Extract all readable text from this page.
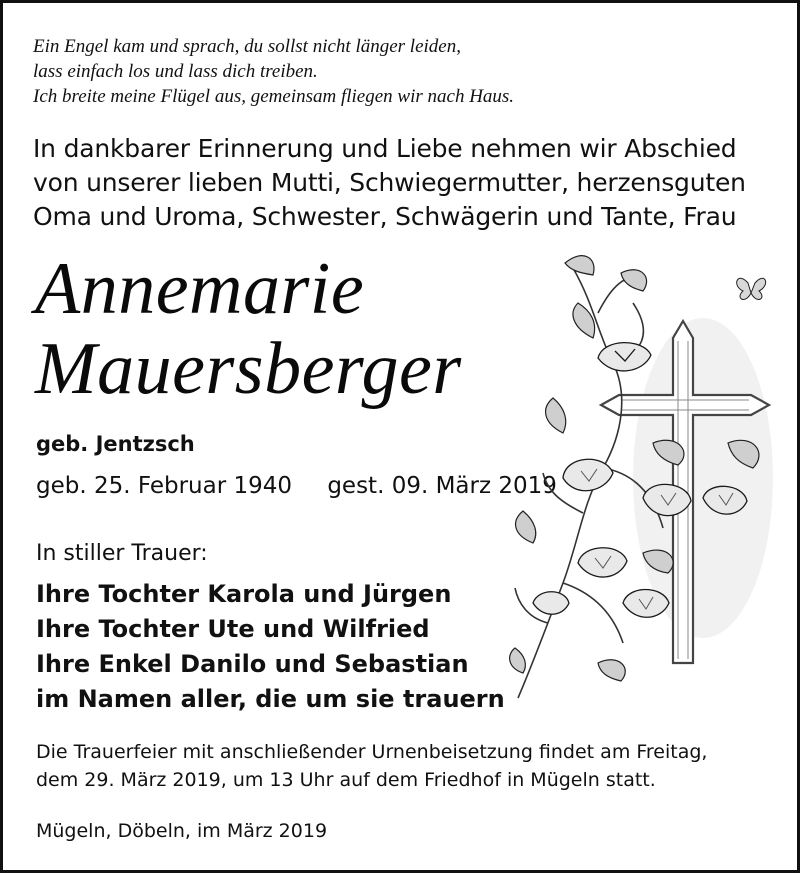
Ein Engel kam und sprach, du sollst nicht länger leiden,
lass einfach los und lass dich treiben.
Ich breite meine Flügel aus, gemeinsam fliegen wir nach Haus.
In dankbarer Erinnerung und Liebe nehmen wir Abschied
von unserer lieben Mutti, Schwiegermutter, herzensguten
Oma und Uroma, Schwester, Schwägerin und Tante, Frau
Annemarie
Mauersberger
geb. Jentzsch
geb. 25. Februar 1940 gest. 09. März 2019
In stiller Trauer:
Ihre Tochter Karola und Jürgen
Ihre Tochter Ute und Wilfried
Ihre Enkel Danilo und Sebastian
im Namen aller, die um sie trauern
Die Trauerfeier mit anschließender Urnenbeisetzung findet am Freitag,
dem 29. März 2019, um 13 Uhr auf dem Friedhof in Mügeln statt.
Mügeln, Döbeln, im März 2019
